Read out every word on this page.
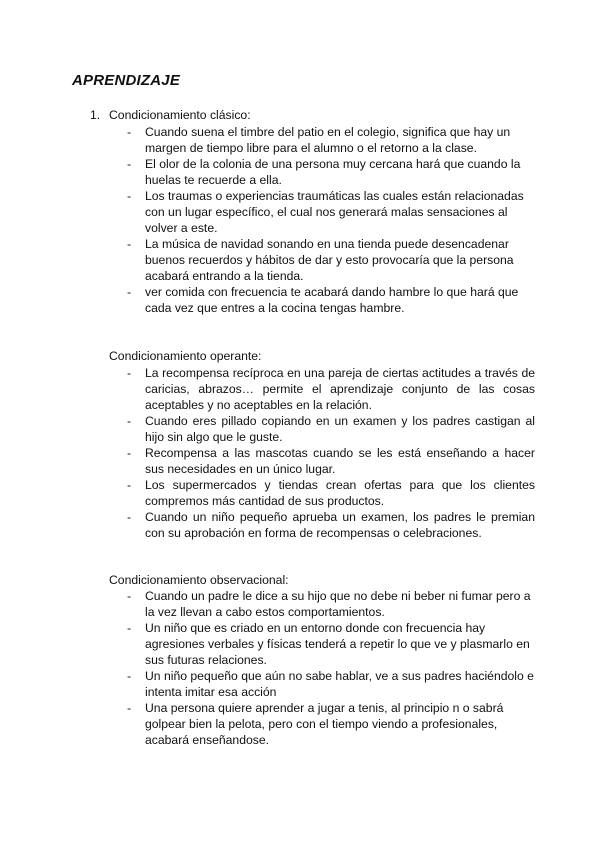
APRENDIZAJE
1. Condicionamiento clásico:
- Cuando suena el timbre del patio en el colegio, significa que hay un margen de tiempo libre para el alumno o el retorno a la clase.
- El olor de la colonia de una persona muy cercana hará que cuando la huelas te recuerde a ella.
- Los traumas o experiencias traumáticas las cuales están relacionadas con un lugar específico, el cual nos generará malas sensaciones al volver a este.
- La música de navidad sonando en una tienda puede desencadenar buenos recuerdos y hábitos de dar y esto provocaría que la persona acabará entrando a la tienda.
- ver comida con frecuencia te acabará dando hambre lo que hará que cada vez que entres a la cocina tengas hambre.
Condicionamiento operante:
- La recompensa recíproca en una pareja de ciertas actitudes a través de caricias, abrazos… permite el aprendizaje conjunto de las cosas aceptables y no aceptables en la relación.
- Cuando eres pillado copiando en un examen y los padres castigan al hijo sin algo que le guste.
- Recompensa a las mascotas cuando se les está enseñando a hacer sus necesidades en un único lugar.
- Los supermercados y tiendas crean ofertas para que los clientes compremos más cantidad de sus productos.
- Cuando un niño pequeño aprueba un examen, los padres le premian con su aprobación en forma de recompensas o celebraciones.
Condicionamiento observacional:
- Cuando un padre le dice a su hijo que no debe ni beber ni fumar pero a la vez llevan a cabo estos comportamientos.
- Un niño que es criado en un entorno donde con frecuencia hay agresiones verbales y físicas tenderá a repetir lo que ve y plasmarlo en sus futuras relaciones.
- Un niño pequeño que aún no sabe hablar, ve a sus padres haciéndolo e intenta imitar esa acción
- Una persona quiere aprender a jugar a tenis, al principio n o sabrá golpear bien la pelota, pero con el tiempo viendo a profesionales, acabará enseñandose.
